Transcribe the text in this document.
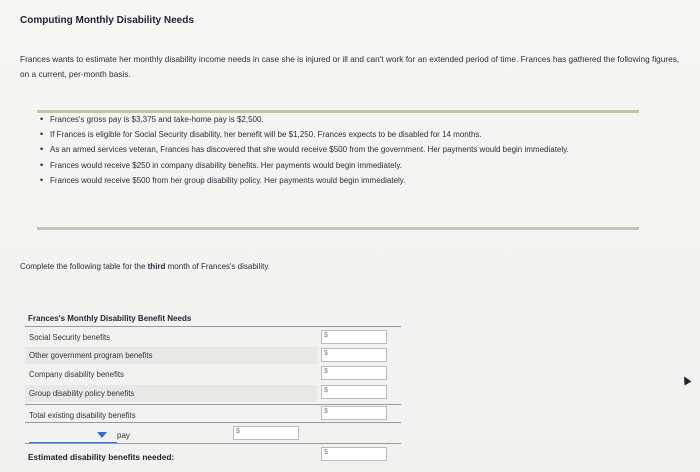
Computing Monthly Disability Needs
Frances wants to estimate her monthly disability income needs in case she is injured or ill and can't work for an extended period of time. Frances has gathered the following figures, on a current, per-month basis.
• Frances's gross pay is $3,375 and take-home pay is $2,500.
• If Frances is eligible for Social Security disability, her benefit will be $1,250. Frances expects to be disabled for 14 months.
• As an armed services veteran, Frances has discovered that she would receive $500 from the government. Her payments would begin immediately.
• Frances would receive $250 in company disability benefits. Her payments would begin immediately.
• Frances would receive $500 from her group disability policy. Her payments would begin immediately.
Complete the following table for the third month of Frances's disability.
Frances's Monthly Disability Benefit Needs
Social Security benefits	$
Other government program benefits	$
Company disability benefits	$
Group disability policy benefits	$
Total existing disability benefits	$
pay	$
Estimated disability benefits needed:	$
